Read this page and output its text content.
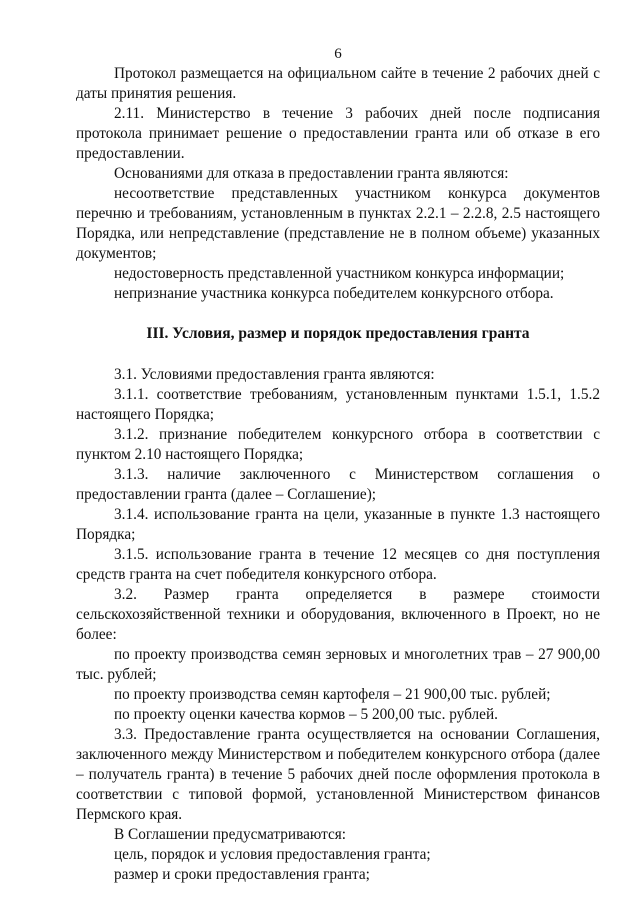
6

Протокол размещается на официальном сайте в течение 2 рабочих дней с даты принятия решения.

2.11. Министерство в течение 3 рабочих дней после подписания протокола принимает решение о предоставлении гранта или об отказе в его предоставлении.

Основаниями для отказа в предоставлении гранта являются:

несоответствие представленных участником конкурса документов перечню и требованиям, установленным в пунктах 2.2.1 – 2.2.8, 2.5 настоящего Порядка, или непредставление (представление не в полном объеме) указанных документов;

недостоверность представленной участником конкурса информации;

непризнание участника конкурса победителем конкурсного отбора.

III. Условия, размер и порядок предоставления гранта

3.1. Условиями предоставления гранта являются:

3.1.1. соответствие требованиям, установленным пунктами 1.5.1, 1.5.2 настоящего Порядка;

3.1.2. признание победителем конкурсного отбора в соответствии с пунктом 2.10 настоящего Порядка;

3.1.3. наличие заключенного с Министерством соглашения о предоставлении гранта (далее – Соглашение);

3.1.4. использование гранта на цели, указанные в пункте 1.3 настоящего Порядка;

3.1.5. использование гранта в течение 12 месяцев со дня поступления средств гранта на счет победителя конкурсного отбора.

3.2. Размер гранта определяется в размере стоимости сельскохозяйственной техники и оборудования, включенного в Проект, но не более:

по проекту производства семян зерновых и многолетних трав – 27 900,00 тыс. рублей;

по проекту производства семян картофеля – 21 900,00 тыс. рублей;

по проекту оценки качества кормов – 5 200,00 тыс. рублей.

3.3. Предоставление гранта осуществляется на основании Соглашения, заключенного между Министерством и победителем конкурсного отбора (далее – получатель гранта) в течение 5 рабочих дней после оформления протокола в соответствии с типовой формой, установленной Министерством финансов Пермского края.

В Соглашении предусматриваются:

цель, порядок и условия предоставления гранта;

размер и сроки предоставления гранта;
